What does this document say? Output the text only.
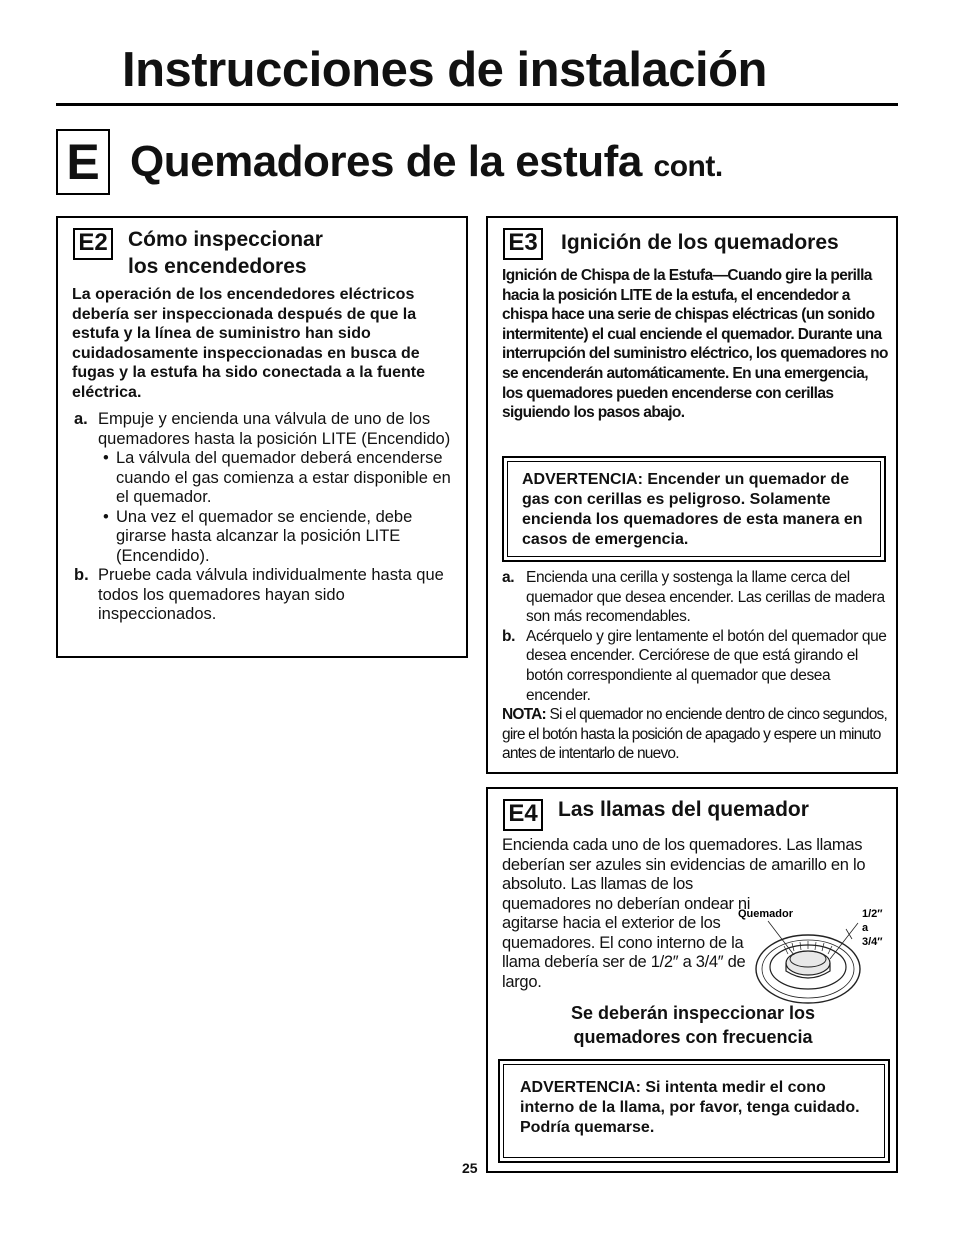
Instrucciones de instalación
E Quemadores de la estufa cont.
E2 Cómo inspeccionar
los encendedores
La operación de los encendedores eléctricos debería ser inspeccionada después de que la estufa y la línea de suministro han sido cuidadosamente inspeccionadas en busca de fugas y la estufa ha sido conectada a la fuente eléctrica.
a. Empuje y encienda una válvula de uno de los quemadores hasta la posición LITE (Encendido)
• La válvula del quemador deberá encenderse cuando el gas comienza a estar disponible en el quemador.
• Una vez el quemador se enciende, debe girarse hasta alcanzar la posición LITE (Encendido).
b. Pruebe cada válvula individualmente hasta que todos los quemadores hayan sido inspeccionados.
E3 Ignición de los quemadores
Ignición de Chispa de la Estufa—Cuando gire la perilla hacia la posición LITE de la estufa, el encendedor a chispa hace una serie de chispas eléctricas (un sonido intermitente) el cual enciende el quemador. Durante una interrupción del suministro eléctrico, los quemadores no se encenderán automáticamente. En una emergencia, los quemadores pueden encenderse con cerillas siguiendo los pasos abajo.
ADVERTENCIA: Encender un quemador de gas con cerillas es peligroso. Solamente encienda los quemadores de esta manera en casos de emergencia.
a. Encienda una cerilla y sostenga la llame cerca del quemador que desea encender. Las cerillas de madera son más recomendables.
b. Acérquelo y gire lentamente el botón del quemador que desea encender. Cerciórese de que está girando el botón correspondiente al quemador que desea encender.
NOTA: Si el quemador no enciende dentro de cinco segundos, gire el botón hasta la posición de apagado y espere un minuto antes de intentarlo de nuevo.
E4 Las llamas del quemador
Encienda cada uno de los quemadores. Las llamas deberían ser azules sin evidencias de amarillo en lo absoluto. Las llamas de los
quemadores no deberían ondear ni agitarse hacia el exterior de los quemadores. El cono interno de la llama debería ser de 1/2″ a 3/4″ de largo.
Quemador	1/2″
a
3/4″
Se deberán inspeccionar los
quemadores con frecuencia
ADVERTENCIA: Si intenta medir el cono interno de la llama, por favor, tenga cuidado. Podría quemarse.
25
